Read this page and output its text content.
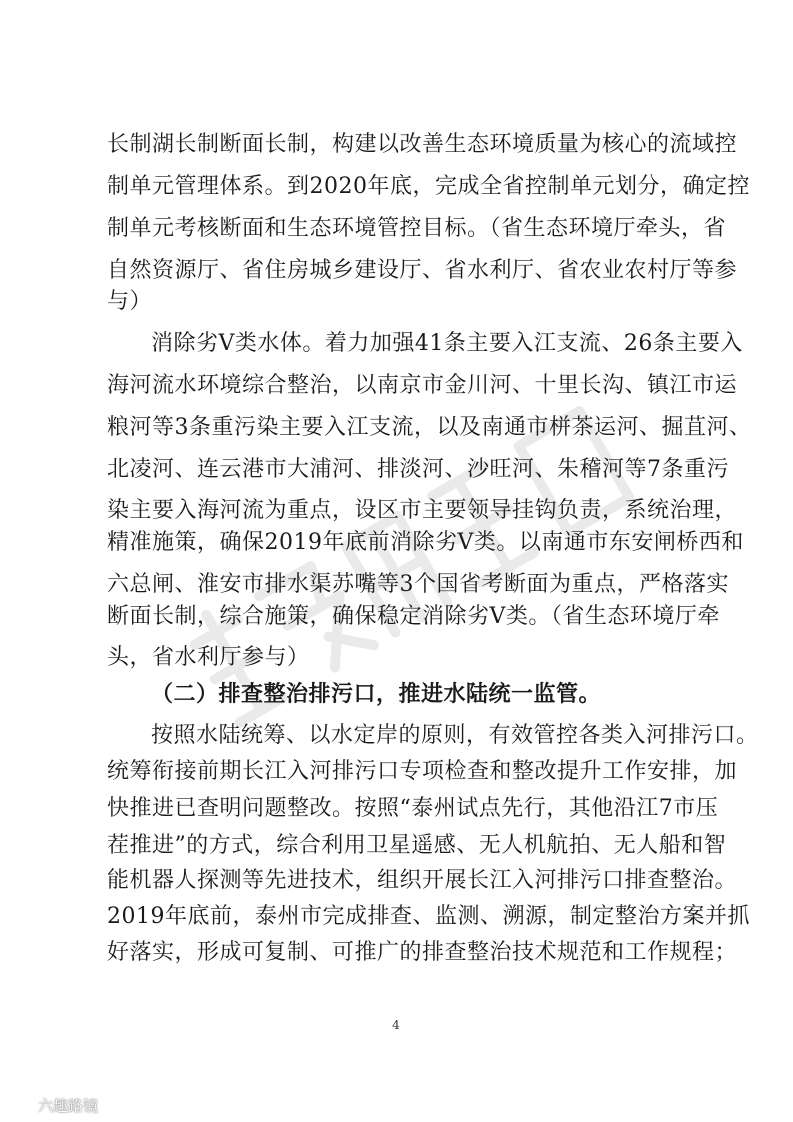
长制湖长制断面长制，构建以改善生态环境质量为核心的流域控
制单元管理体系。到2020年底，完成全省控制单元划分，确定控
制单元考核断面和生态环境管控目标。（省生态环境厅牵头，省
自然资源厅、省住房城乡建设厅、省水利厅、省农业农村厅等参
与）
消除劣V类水体。着力加强41条主要入江支流、26条主要入
海河流水环境综合整治，以南京市金川河、十里长沟、镇江市运
粮河等3条重污染主要入江支流，以及南通市栟茶运河、掘苴河、
北凌河、连云港市大浦河、排淡河、沙旺河、朱稽河等7条重污
染主要入海河流为重点，设区市主要领导挂钩负责，系统治理，
精准施策，确保2019年底前消除劣V类。以南通市东安闸桥西和
六总闸、淮安市排水渠苏嘴等3个国省考断面为重点，严格落实
断面长制，综合施策，确保稳定消除劣V类。（省生态环境厅牵
头，省水利厅参与）
（二）排查整治排污口，推进水陆统一监管。
按照水陆统筹、以水定岸的原则，有效管控各类入河排污口。
统筹衔接前期长江入河排污口专项检查和整改提升工作安排，加
快推进已查明问题整改。按照“泰州试点先行，其他沿江7市压
茬推进”的方式，综合利用卫星遥感、无人机航拍、无人船和智
能机器人探测等先进技术，组织开展长江入河排污口排查整治。
2019年底前，泰州市完成排查、监测、溯源，制定整治方案并抓
好落实，形成可复制、可推广的排查整治技术规范和工作规程；
4
六趣路镜
